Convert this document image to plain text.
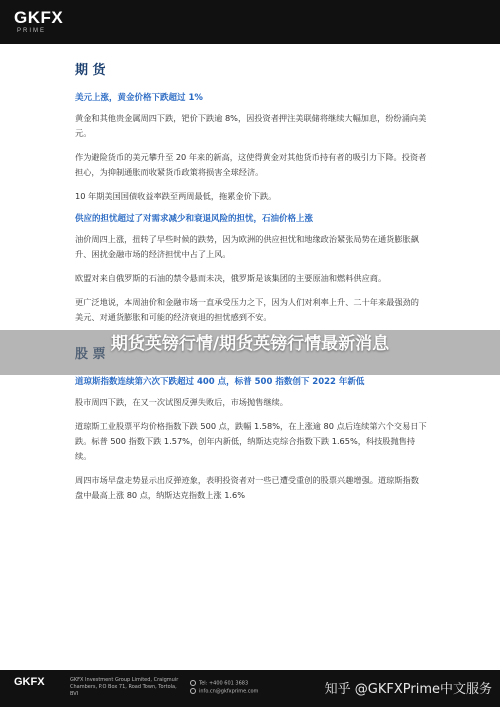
GKFX
PRIME
期 货
美元上涨，黄金价格下跌超过 1%
黄金和其他贵金属周四下跌，钯价下跌逾 8%，因投资者押注美联储将继续大幅加息，纷纷涌向美元。
作为避险货币的美元攀升至 20 年来的新高，这使得黄金对其他货币持有者的吸引力下降。投资者担心，为抑制通胀而收紧货币政策将损害全球经济。
10 年期美国国债收益率跌至两周最低，拖累金价下跌。
供应的担忧超过了对需求减少和衰退风险的担忧，石油价格上涨
油价周四上涨，扭转了早些时候的跌势，因为欧洲的供应担忧和地缘政治紧张局势在通货膨胀飙升、困扰金融市场的经济担忧中占了上风。
欧盟对来自俄罗斯的石油的禁令悬而未决，俄罗斯是该集团的主要原油和燃料供应商。
更广泛地说，本周油价和金融市场一直承受压力之下，因为人们对利率上升、二十年来最强劲的美元、对通货膨胀和可能的经济衰退的担忧感到不安。
道琼斯指数连续第六次下跌超过 400 点，标普 500 指数创下 2022 年新低
股市周四下跌，在又一次试图反弹失败后，市场抛售继续。
道琼斯工业股票平均价格指数下跌 500 点，跌幅 1.58%，在上涨逾 80 点后连续第六个交易日下跌。标普 500 指数下跌 1.57%，创年内新低，纳斯达克综合指数下跌 1.65%，科技股抛售持续。
周四市场早盘走势显示出反弹迹象，表明投资者对一些已遭受重创的股票兴趣增强。道琼斯指数盘中最高上涨 80 点，纳斯达克指数上涨 1.6%
期货英镑行情/期货英镑行情最新消息
GKFX	GKFX Investment Group Limited, Craigmuir Chambers, P.O Box 71, Road Town, Tortola, BVI
Tel: +400 601 3683
info.cn@gkfxprime.com	知乎 @GKFXPrime中文服务
